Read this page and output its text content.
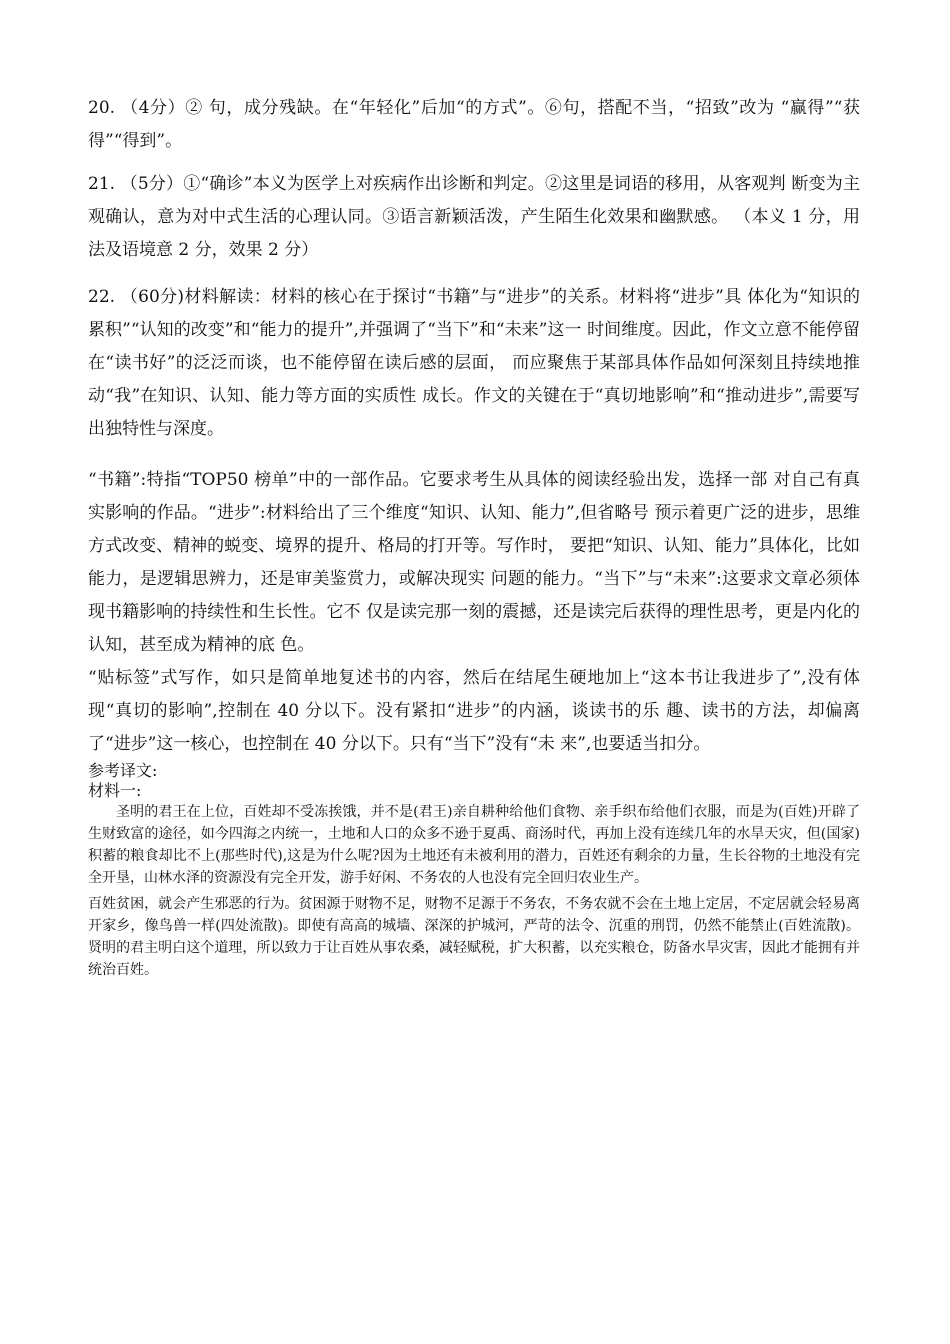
20. （4分）② 句，成分残缺。在“年轻化”后加“的方式”。⑥句，搭配不当，“招致”改为 “赢得”“获得”“得到”。

21. （5分）①“确诊”本义为医学上对疾病作出诊断和判定。②这里是词语的移用，从客观判 断变为主观确认，意为对中式生活的心理认同。③语言新颖活泼，产生陌生化效果和幽默感。 （本义 1 分，用法及语境意 2 分，效果 2 分）

22. （60分)材料解读：材料的核心在于探讨“书籍”与“进步”的关系。材料将“进步”具 体化为“知识的累积”“认知的改变”和“能力的提升”,并强调了“当下”和“未来”这一 时间维度。因此，作文立意不能停留在“读书好”的泛泛而谈，也不能停留在读后感的层面， 而应聚焦于某部具体作品如何深刻且持续地推动“我”在知识、认知、能力等方面的实质性 成长。作文的关键在于“真切地影响”和“推动进步”,需要写出独特性与深度。

“书籍”:特指“TOP50 榜单”中的一部作品。它要求考生从具体的阅读经验出发，选择一部 对自己有真实影响的作品。“进步”:材料给出了三个维度“知识、认知、能力”,但省略号 预示着更广泛的进步，思维方式改变、精神的蜕变、境界的提升、格局的打开等。写作时， 要把“知识、认知、能力”具体化，比如能力，是逻辑思辨力，还是审美鉴赏力，或解决现实 问题的能力。“当下”与“未来”:这要求文章必须体现书籍影响的持续性和生长性。它不 仅是读完那一刻的震撼，还是读完后获得的理性思考，更是内化的认知，甚至成为精神的底 色。

“贴标签”式写作，如只是简单地复述书的内容，然后在结尾生硬地加上“这本书让我进步了”,没有体现“真切的影响”,控制在 40 分以下。没有紧扣“进步”的内涵，谈读书的乐 趣、读书的方法，却偏离了“进步”这一核心，也控制在 40 分以下。只有“当下”没有“未 来”,也要适当扣分。

参考译文:

材料一:

圣明的君王在上位，百姓却不受冻挨饿，并不是(君王)亲自耕种给他们食物、亲手织布给他们衣服，而是为(百姓)开辟了生财致富的途径，如今四海之内统一，土地和人口的众多不逊于夏禹、商汤时代，再加上没有连续几年的水旱天灾，但(国家)积蓄的粮食却比不上(那些时代),这是为什么呢?因为土地还有未被利用的潜力，百姓还有剩余的力量，生长谷物的土地没有完全开垦，山林水泽的资源没有完全开发，游手好闲、不务农的人也没有完全回归农业生产。

百姓贫困，就会产生邪恶的行为。贫困源于财物不足，财物不足源于不务农，不务农就不会在土地上定居，不定居就会轻易离开家乡，像鸟兽一样(四处流散)。即使有高高的城墙、深深的护城河，严苛的法令、沉重的刑罚，仍然不能禁止(百姓流散)。贤明的君主明白这个道理，所以致力于让百姓从事农桑，减轻赋税，扩大积蓄，以充实粮仓，防备水旱灾害，因此才能拥有并统治百姓。
